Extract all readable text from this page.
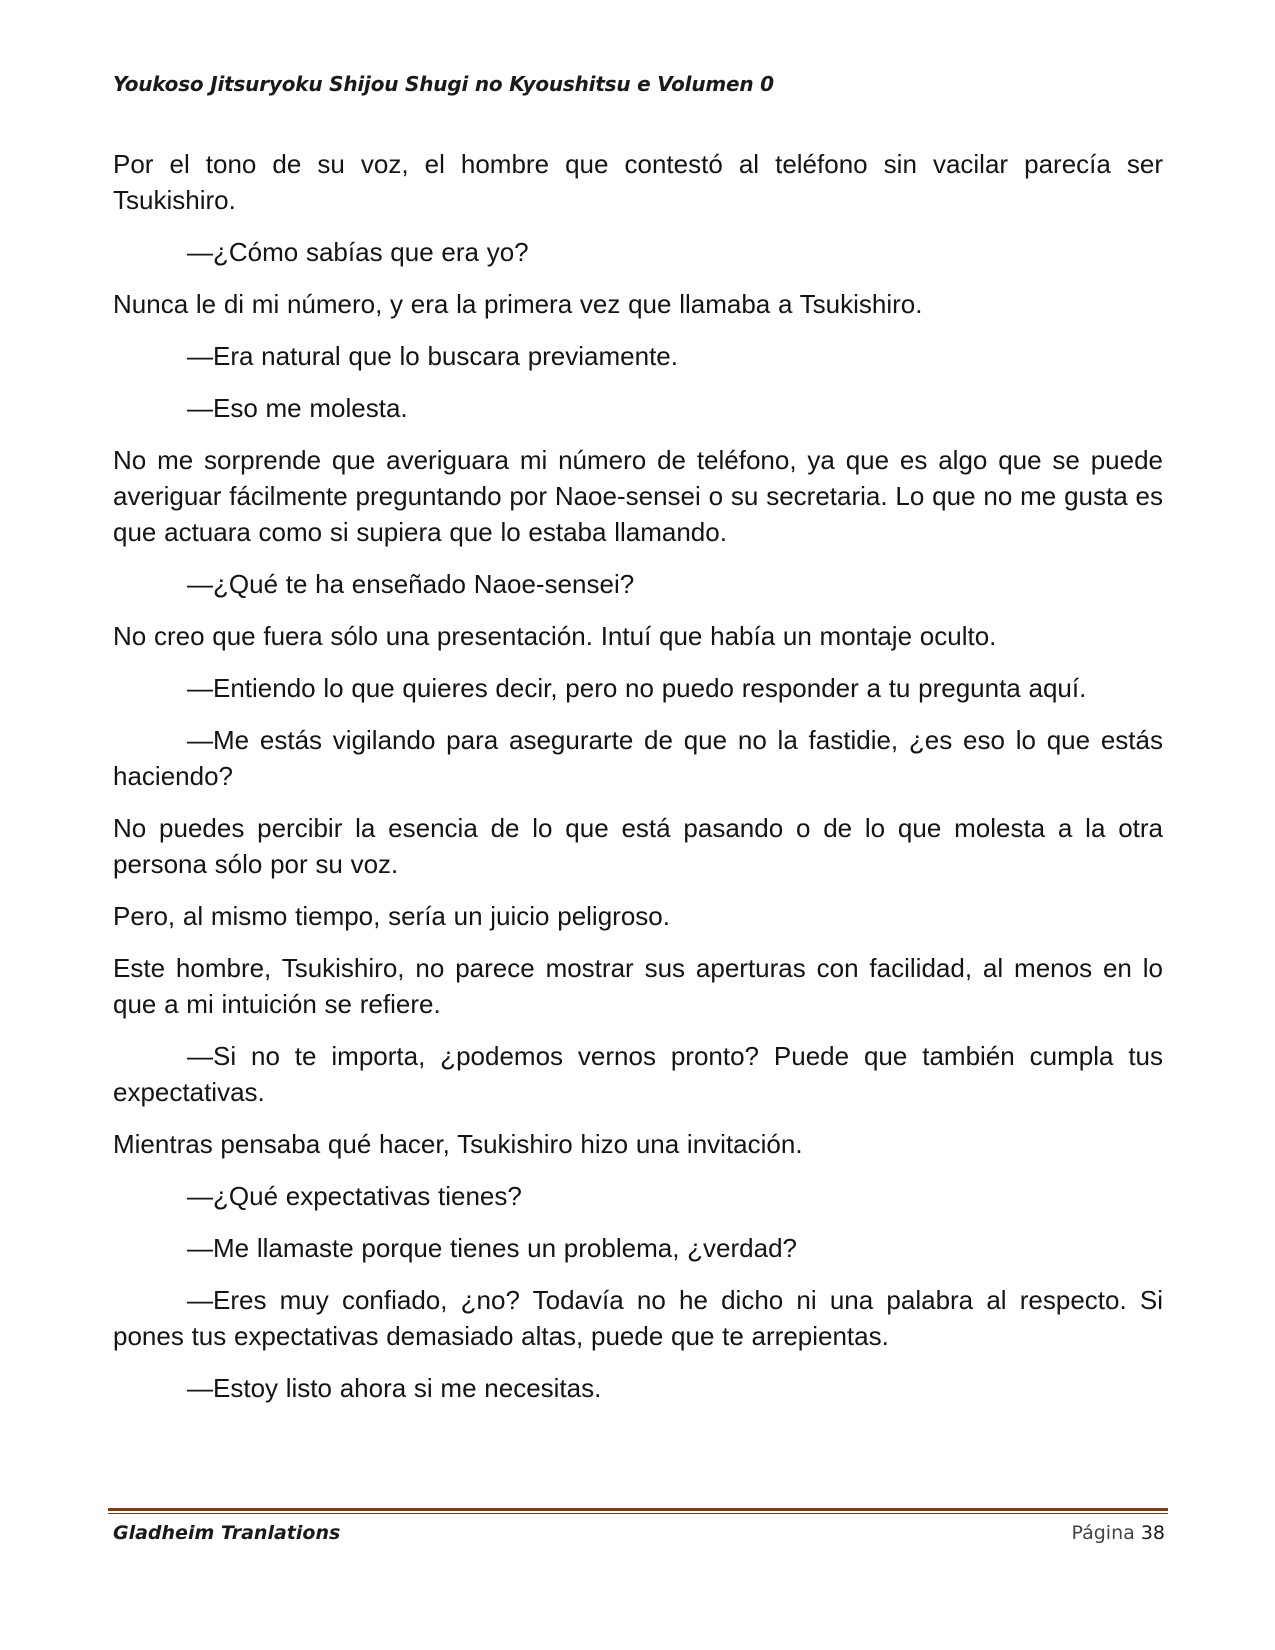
Youkoso Jitsuryoku Shijou Shugi no Kyoushitsu e Volumen 0

Por el tono de su voz, el hombre que contestó al teléfono sin vacilar parecía ser Tsukishiro.

—¿Cómo sabías que era yo?

Nunca le di mi número, y era la primera vez que llamaba a Tsukishiro.

—Era natural que lo buscara previamente.

—Eso me molesta.

No me sorprende que averiguara mi número de teléfono, ya que es algo que se puede averiguar fácilmente preguntando por Naoe-sensei o su secretaria. Lo que no me gusta es que actuara como si supiera que lo estaba llamando.

—¿Qué te ha enseñado Naoe-sensei?

No creo que fuera sólo una presentación. Intuí que había un montaje oculto.

—Entiendo lo que quieres decir, pero no puedo responder a tu pregunta aquí.

—Me estás vigilando para asegurarte de que no la fastidie, ¿es eso lo que estás haciendo?

No puedes percibir la esencia de lo que está pasando o de lo que molesta a la otra persona sólo por su voz.

Pero, al mismo tiempo, sería un juicio peligroso.

Este hombre, Tsukishiro, no parece mostrar sus aperturas con facilidad, al menos en lo que a mi intuición se refiere.

—Si no te importa, ¿podemos vernos pronto? Puede que también cumpla tus expectativas.

Mientras pensaba qué hacer, Tsukishiro hizo una invitación.

—¿Qué expectativas tienes?

—Me llamaste porque tienes un problema, ¿verdad?

—Eres muy confiado, ¿no? Todavía no he dicho ni una palabra al respecto. Si pones tus expectativas demasiado altas, puede que te arrepientas.

—Estoy listo ahora si me necesitas.

Gladheim Tranlations	Página 38
